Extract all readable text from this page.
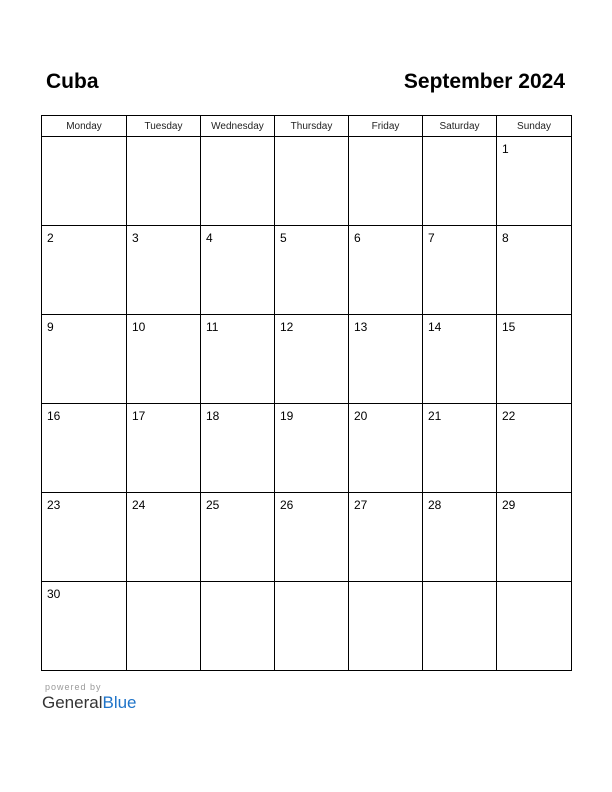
Cuba	September 2024
Monday	Tuesday	Wednesday	Thursday	Friday	Saturday	Sunday

						1

2	3	4	5	6	7	8

9	10	11	12	13	14	15

16	17	18	19	20	21	22

23	24	25	26	27	28	29

30						

powered by
GeneralBlue
